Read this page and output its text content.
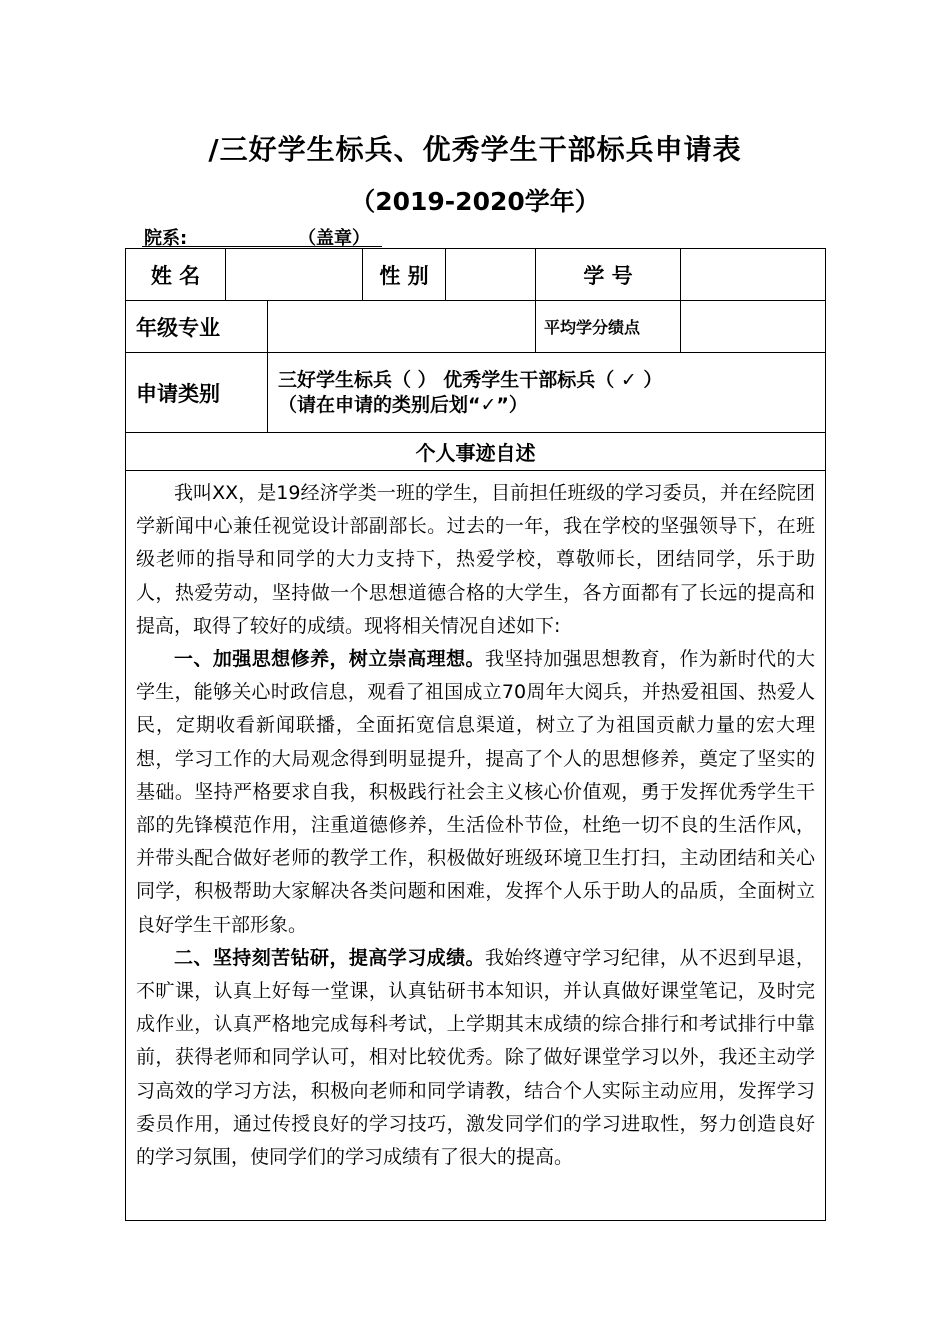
/三好学生标兵、优秀学生干部标兵申请表
（2019-2020学年）
院系:	（盖章）
姓 名			性 别		学 号	
年级专业					平均学分绩点	
申请类别		三好学生标兵（ ） 优秀学生干部标兵（ ✓ ）
（请在申请的类别后划“✓”）				

个人事迹自述						

我叫XX，是19经济学类一班的学生，目前担任班级的学习委员，并在经院团学新闻中心兼任视觉设计部副部长。过去的一年，我在学校的坚强领导下，在班级老师的指导和同学的大力支持下，热爱学校，尊敬师长，团结同学，乐于助人，热爱劳动，坚持做一个思想道德合格的大学生，各方面都有了长远的提高和提高，取得了较好的成绩。现将相关情况自述如下:

一、加强思想修养，树立崇高理想。我坚持加强思想教育，作为新时代的大学生，能够关心时政信息，观看了祖国成立70周年大阅兵，并热爱祖国、热爱人民，定期收看新闻联播，全面拓宽信息渠道，树立了为祖国贡献力量的宏大理想，学习工作的大局观念得到明显提升，提高了个人的思想修养，奠定了坚实的基础。坚持严格要求自我，积极践行社会主义核心价值观，勇于发挥优秀学生干部的先锋模范作用，注重道德修养，生活俭朴节俭，杜绝一切不良的生活作风，并带头配合做好老师的教学工作，积极做好班级环境卫生打扫，主动团结和关心同学，积极帮助大家解决各类问题和困难，发挥个人乐于助人的品质，全面树立良好学生干部形象。

二、坚持刻苦钻研，提高学习成绩。我始终遵守学习纪律，从不迟到早退，不旷课，认真上好每一堂课，认真钻研书本知识，并认真做好课堂笔记，及时完成作业，认真严格地完成每科考试，上学期其末成绩的综合排行和考试排行中靠前，获得老师和同学认可，相对比较优秀。除了做好课堂学习以外，我还主动学习高效的学习方法，积极向老师和同学请教，结合个人实际主动应用，发挥学习委员作用，通过传授良好的学习技巧，激发同学们的学习进取性，努力创造良好的学习氛围，使同学们的学习成绩有了很大的提高。						
